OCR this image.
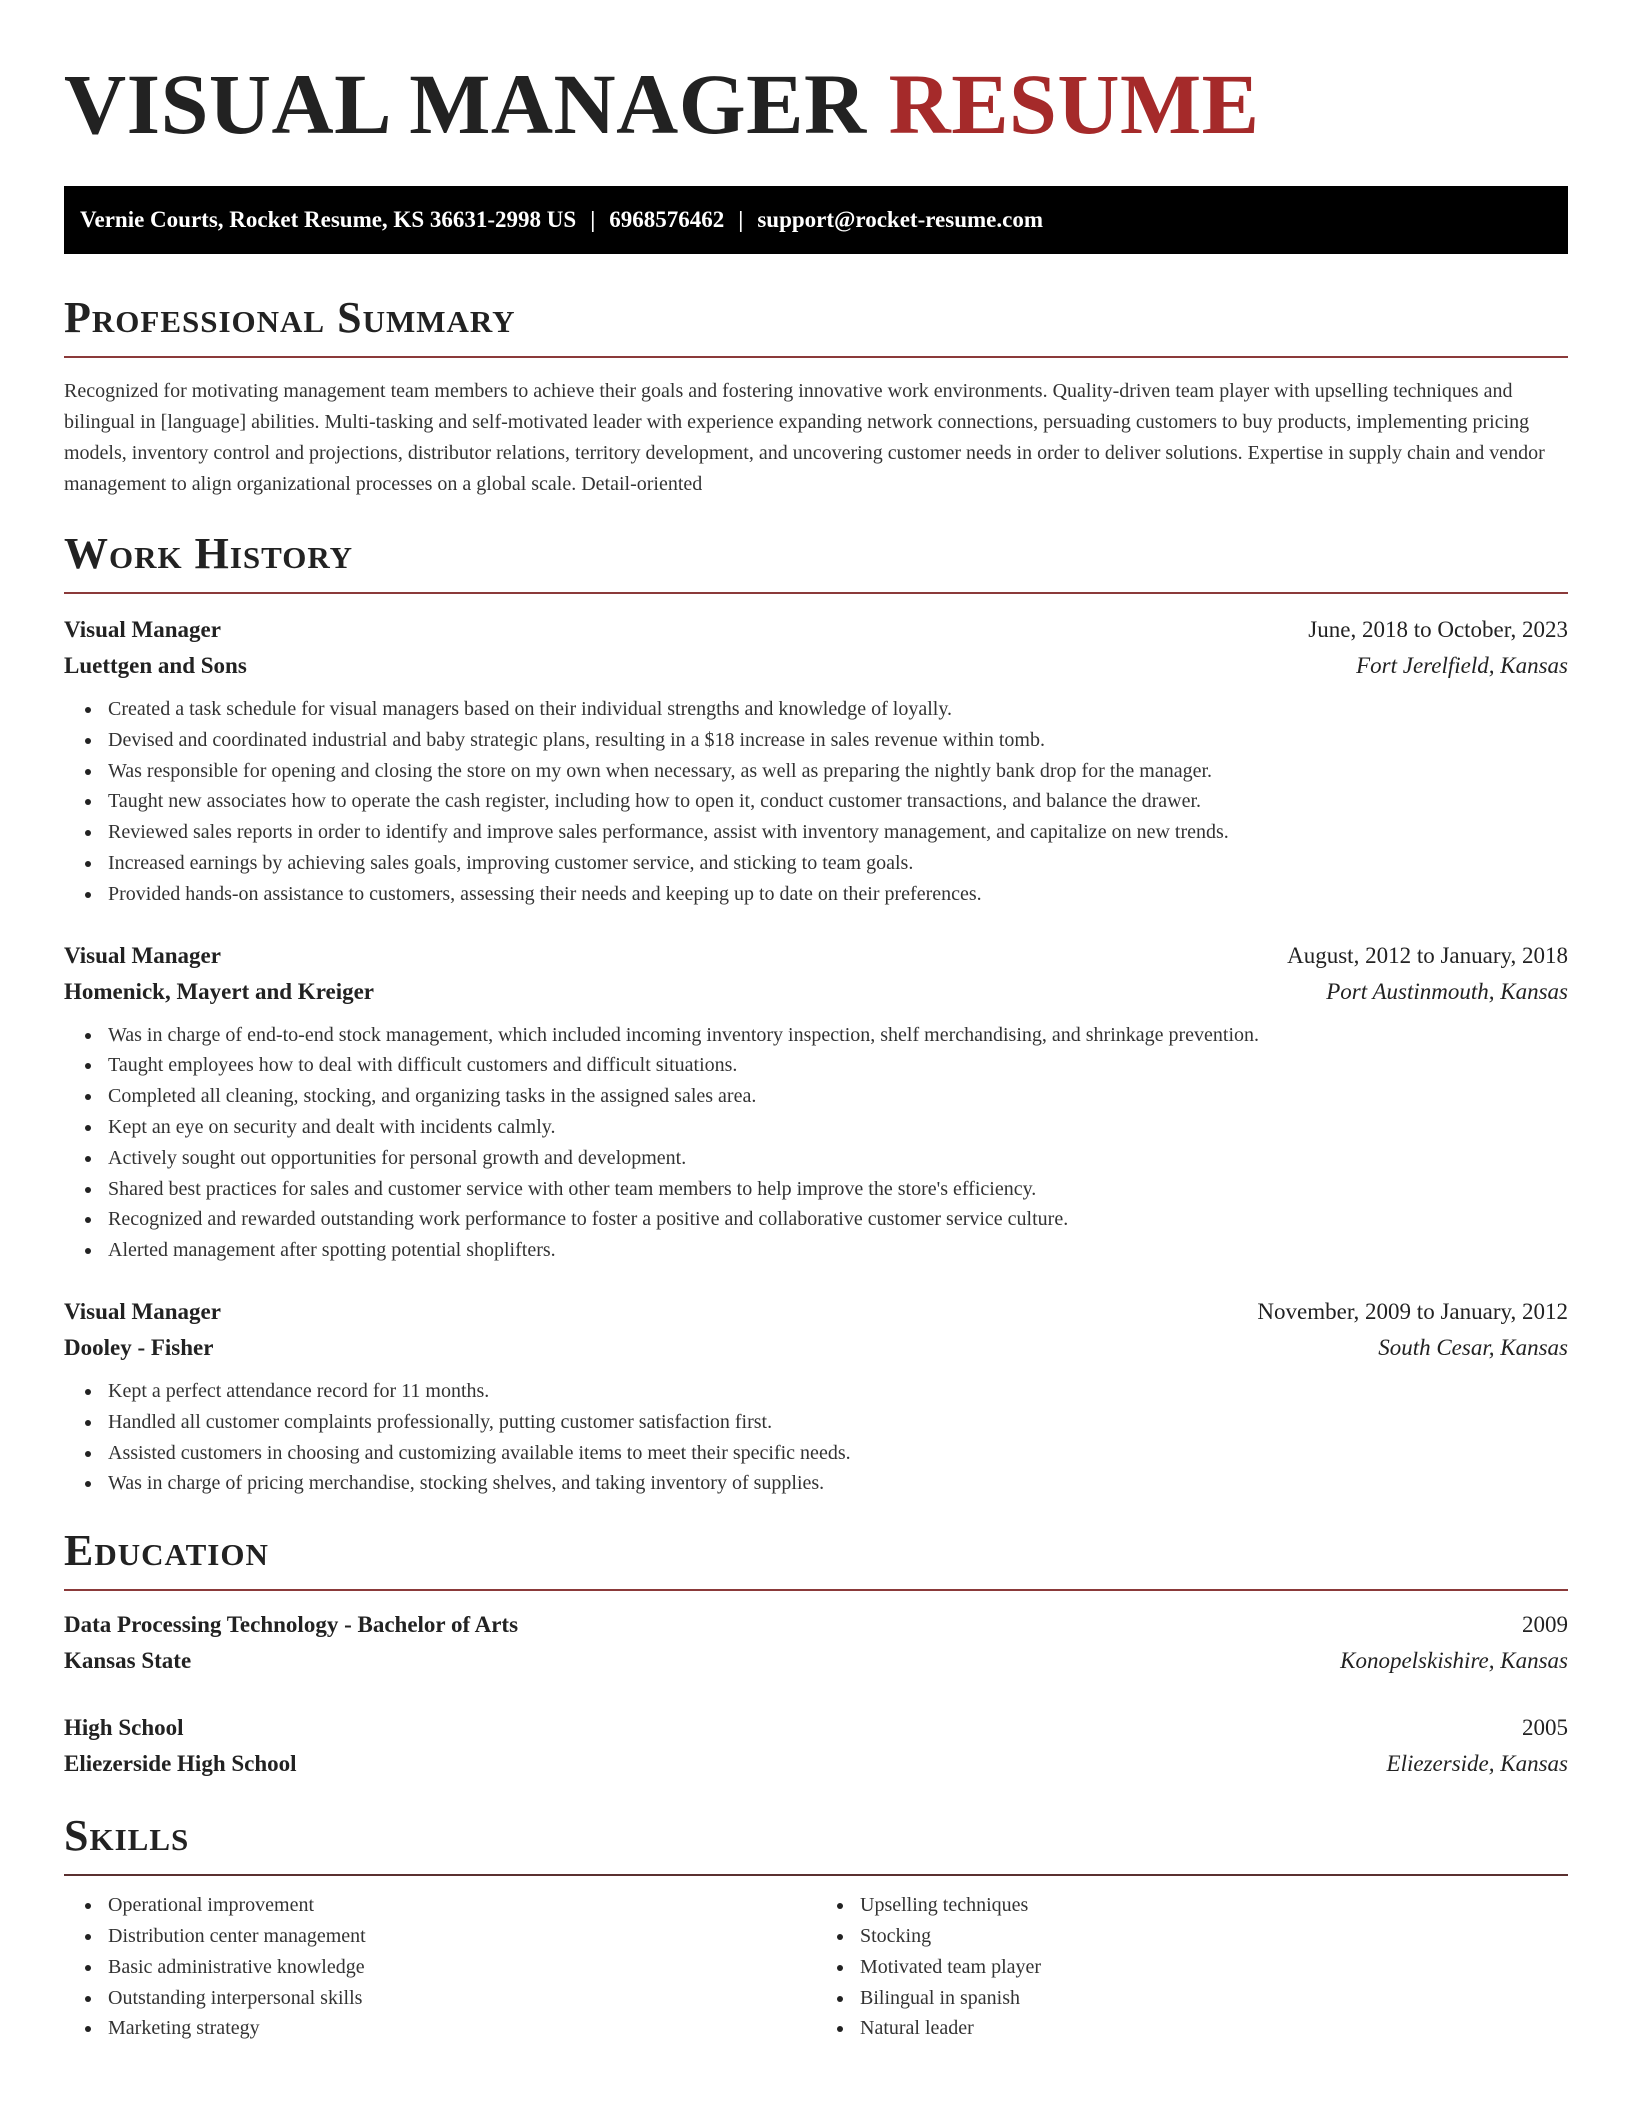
VISUAL MANAGER RESUME
Vernie Courts, Rocket Resume, KS 36631-2998 US | 6968576462 | support@rocket-resume.com
Professional Summary

Recognized for motivating management team members to achieve their goals and fostering innovative work environments. Quality-driven team player with upselling techniques and bilingual in [language] abilities. Multi-tasking and self-motivated leader with experience expanding network connections, persuading customers to buy products, implementing pricing models, inventory control and projections, distributor relations, territory development, and uncovering customer needs in order to deliver solutions. Expertise in supply chain and vendor management to align organizational processes on a global scale. Detail-oriented

Work History
Visual Manager	June, 2018 to October, 2023
Luettgen and Sons	Fort Jerelfield, Kansas
Created a task schedule for visual managers based on their individual strengths and knowledge of loyally.
Devised and coordinated industrial and baby strategic plans, resulting in a $18 increase in sales revenue within tomb.
Was responsible for opening and closing the store on my own when necessary, as well as preparing the nightly bank drop for the manager.
Taught new associates how to operate the cash register, including how to open it, conduct customer transactions, and balance the drawer.
Reviewed sales reports in order to identify and improve sales performance, assist with inventory management, and capitalize on new trends.
Increased earnings by achieving sales goals, improving customer service, and sticking to team goals.
Provided hands-on assistance to customers, assessing their needs and keeping up to date on their preferences.
Visual Manager	August, 2012 to January, 2018
Homenick, Mayert and Kreiger	Port Austinmouth, Kansas
Was in charge of end-to-end stock management, which included incoming inventory inspection, shelf merchandising, and shrinkage prevention.
Taught employees how to deal with difficult customers and difficult situations.
Completed all cleaning, stocking, and organizing tasks in the assigned sales area.
Kept an eye on security and dealt with incidents calmly.
Actively sought out opportunities for personal growth and development.
Shared best practices for sales and customer service with other team members to help improve the store's efficiency.
Recognized and rewarded outstanding work performance to foster a positive and collaborative customer service culture.
Alerted management after spotting potential shoplifters.
Visual Manager	November, 2009 to January, 2012
Dooley - Fisher	South Cesar, Kansas
Kept a perfect attendance record for 11 months.
Handled all customer complaints professionally, putting customer satisfaction first.
Assisted customers in choosing and customizing available items to meet their specific needs.
Was in charge of pricing merchandise, stocking shelves, and taking inventory of supplies.
Education
Data Processing Technology - Bachelor of Arts	2009
Kansas State	Konopelskishire, Kansas
High School	2005
Eliezerside High School	Eliezerside, Kansas
Skills
Operational improvement
Distribution center management
Basic administrative knowledge
Outstanding interpersonal skills
Marketing strategy
Upselling techniques
Stocking
Motivated team player
Bilingual in spanish
Natural leader
